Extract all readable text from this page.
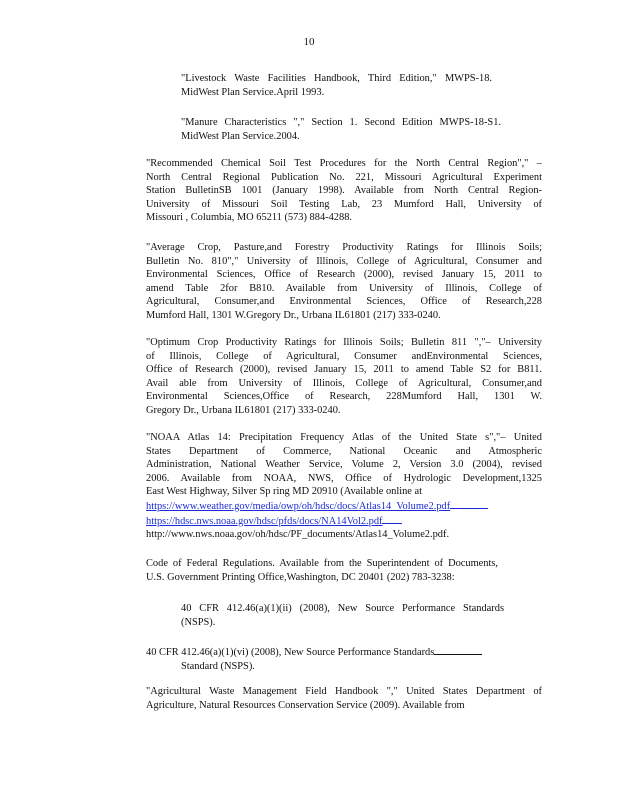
10
"Livestock Waste Facilities Handbook, Third Edition," MWPS-18.
MidWest Plan Service.April 1993.
"Manure Characteristics "," Section 1. Second Edition MWPS-18-S1.
MidWest Plan Service.2004.
"Recommended Chemical Soil Test Procedures for the North Central Region"," –
North Central Regional Publication No. 221, Missouri Agricultural Experiment
Station BulletinSB 1001 (January 1998). Available from North Central Region-
University of Missouri Soil Testing Lab, 23 Mumford Hall, University of
Missouri , Columbia, MO 65211 (573) 884-4288.
"Average Crop, Pasture,and Forestry Productivity Ratings for Illinois Soils;
Bulletin No. 810"," University of Illinois, College of Agricultural, Consumer and
Environmental Sciences, Office of Research (2000), revised January 15, 2011 to
amend Table 2for B810. Available from University of Illinois, College of
Agricultural, Consumer,and Environmental Sciences, Office of Research,228
Mumford Hall, 1301 W.Gregory Dr., Urbana IL61801 (217) 333-0240.
"Optimum Crop Productivity Ratings for Illinois Soils; Bulletin 811 ","– University
of Illinois, College of Agricultural, Consumer andEnvironmental Sciences,
Office of Research (2000), revised January 15, 2011 to amend Table S2 for B811.
Avail able from University of Illinois, College of Agricultural, Consumer,and
Environmental Sciences,Office of Research, 228Mumford Hall, 1301 W.
Gregory Dr., Urbana IL61801 (217) 333-0240.
"NOAA Atlas 14: Precipitation Frequency Atlas of the United State s","– United
States Department of Commerce, National Oceanic and Atmospheric
Administration, National Weather Service, Volume 2, Version 3.0 (2004), revised
2006. Available from NOAA, NWS, Office of Hydrologic Development,1325
East West Highway, Silver Sp ring MD 20910 (Available online at
https://www.weather.gov/media/owp/oh/hdsc/docs/Atlas14_Volume2.pdf
https://hdsc.nws.noaa.gov/hdsc/pfds/docs/NA14Vol2.pdf
http://www.nws.noaa.gov/oh/hdsc/PF_documents/Atlas14_Volume2.pdf.
Code of Federal Regulations. Available from the Superintendent of Documents,
U.S. Government Printing Office,Washington, DC 20401 (202) 783-3238:
40 CFR 412.46(a)(1)(ii) (2008), New Source Performance Standards
(NSPS).
40 CFR 412.46(a)(1)(vi) (2008), New Source Performance Standards
Standard (NSPS).
"Agricultural Waste Management Field Handbook "," United States Department of
Agriculture, Natural Resources Conservation Service (2009). Available from
